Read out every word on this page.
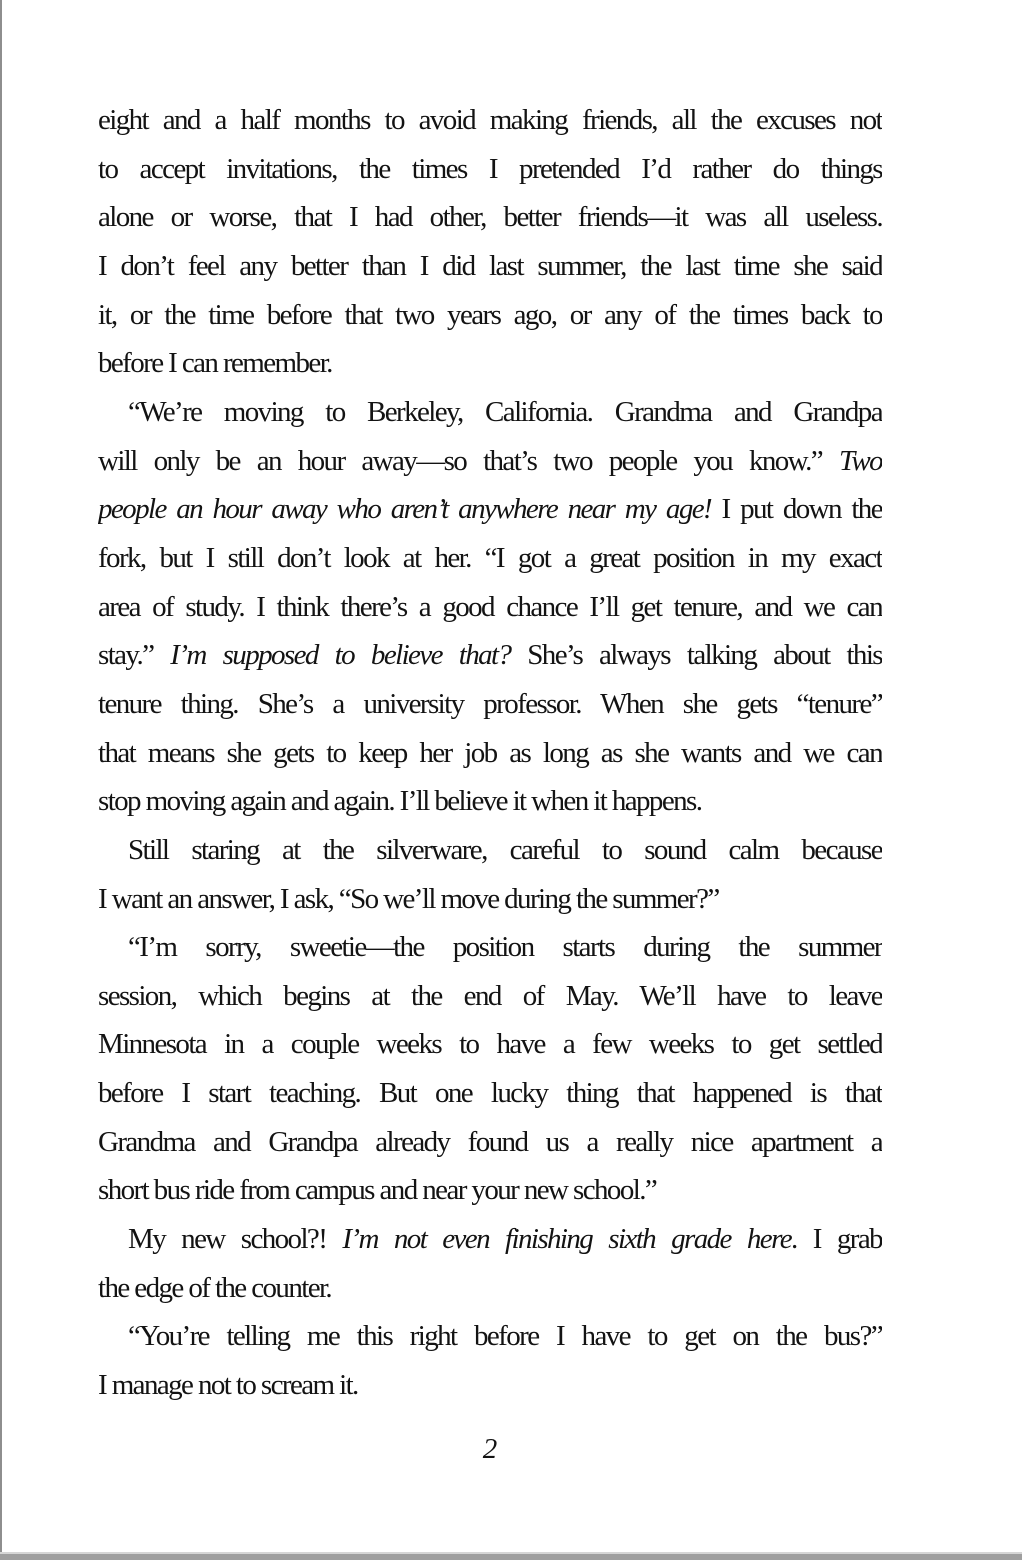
eight and a half months to avoid making friends, all the excuses not
to accept invitations, the times I pretended I’d rather do things
alone or worse, that I had other, better friends—it was all useless.
I don’t feel any better than I did last summer, the last time she said
it, or the time before that two years ago, or any of the times back to
before I can remember.
“We’re moving to Berkeley, California. Grandma and Grandpa
will only be an hour away—so that’s two people you know.” Two
people an hour away who aren’t anywhere near my age! I put down the
fork, but I still don’t look at her. “I got a great position in my exact
area of study. I think there’s a good chance I’ll get tenure, and we can
stay.” I’m supposed to believe that? She’s always talking about this
tenure thing. She’s a university professor. When she gets “tenure”
that means she gets to keep her job as long as she wants and we can
stop moving again and again. I’ll believe it when it happens.
Still staring at the silverware, careful to sound calm because
I want an answer, I ask, “So we’ll move during the summer?”
“I’m sorry, sweetie—the position starts during the summer
session, which begins at the end of May. We’ll have to leave
Minnesota in a couple weeks to have a few weeks to get settled
before I start teaching. But one lucky thing that happened is that
Grandma and Grandpa already found us a really nice apartment a
short bus ride from campus and near your new school.”
My new school?! I’m not even finishing sixth grade here. I grab
the edge of the counter.
“You’re telling me this right before I have to get on the bus?”
I manage not to scream it.
2
